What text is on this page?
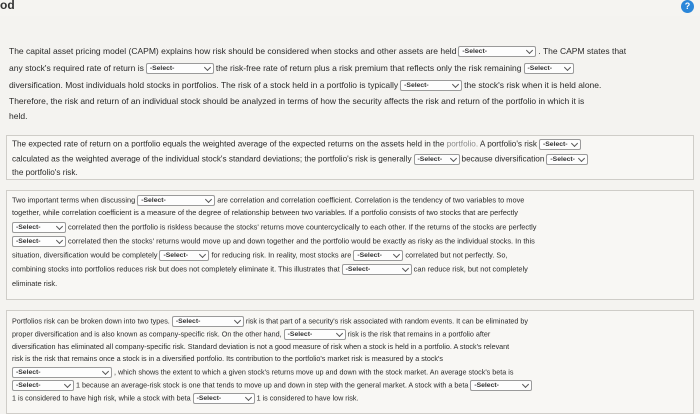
od	?
The capital asset pricing model (CAPM) explains how risk should be considered when stocks and other assets are held -Select-	. The CAPM states that
any stock's required rate of return is -Select-	the risk-free rate of return plus a risk premium that reflects only the risk remaining -Select-
diversification. Most individuals hold stocks in portfolios. The risk of a stock held in a portfolio is typically -Select-	the stock's risk when it is held alone.
Therefore, the risk and return of an individual stock should be analyzed in terms of how the security affects the risk and return of the portfolio in which it is
held.
The expected rate of return on a portfolio equals the weighted average of the expected returns on the assets held in the portfolio. A portfolio's risk -Select-
calculated as the weighted average of the individual stock's standard deviations; the portfolio's risk is generally -Select- because diversification -Select-
the portfolio's risk.
Two important terms when discussing -Select-	are correlation and correlation coefficient. Correlation is the tendency of two variables to move
together, while correlation coefficient is a measure of the degree of relationship between two variables. If a portfolio consists of two stocks that are perfectly
-Select-	correlated then the portfolio is riskless because the stocks' returns move countercyclically to each other. If the returns of the stocks are perfectly
-Select-	correlated then the stocks' returns would move up and down together and the portfolio would be exactly as risky as the individual stocks. In this
situation, diversification would be completely -Select-	for reducing risk. In reality, most stocks are -Select-	correlated but not perfectly. So,
combining stocks into portfolios reduces risk but does not completely eliminate it. This illustrates that -Select-	can reduce risk, but not completely
eliminate risk.
Portfolios risk can be broken down into two types. -Select-	risk is that part of a security's risk associated with random events. It can be eliminated by
proper diversification and is also known as company-specific risk. On the other hand, -Select-	risk is the risk that remains in a portfolio after
diversification has eliminated all company-specific risk. Standard deviation is not a good measure of risk when a stock is held in a portfolio. A stock's relevant
risk is the risk that remains once a stock is in a diversified portfolio. Its contribution to the portfolio's market risk is measured by a stock's
-Select-	, which shows the extent to which a given stock's returns move up and down with the stock market. An average stock's beta is
-Select-	1 because an average-risk stock is one that tends to move up and down in step with the general market. A stock with a beta -Select-
1 is considered to have high risk, while a stock with beta -Select-	1 is considered to have low risk.
